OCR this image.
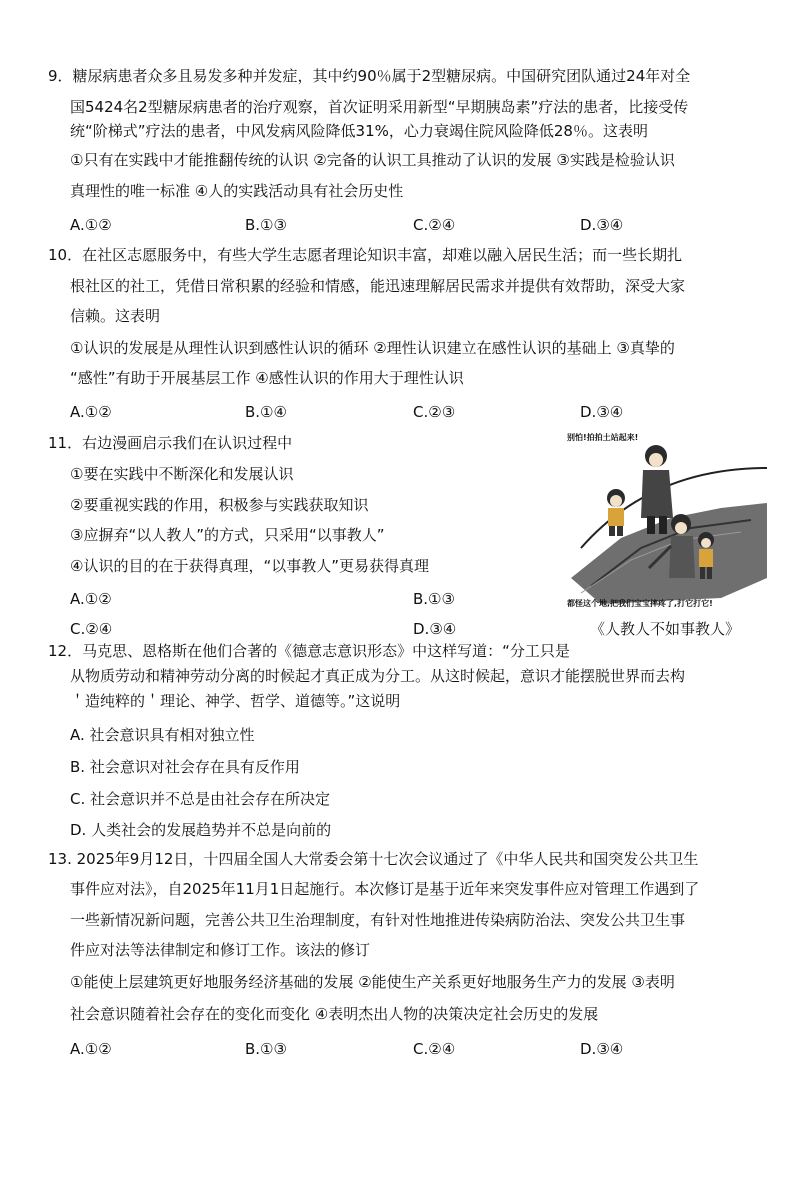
9．糖尿病患者众多且易发多种并发症，其中约90％属于2型糖尿病。中国研究团队通过24年对全
国5424名2型糖尿病患者的治疗观察，首次证明采用新型“早期胰岛素”疗法的患者，比接受传
统“阶梯式”疗法的患者，中风发病风险降低31%，心力衰竭住院风险降低28％。这表明
①只有在实践中才能推翻传统的认识 ②完备的认识工具推动了认识的发展 ③实践是检验认识
真理性的唯一标准 ④人的实践活动具有社会历史性
A.①②	B.①③	C.②④	D.③④
10．在社区志愿服务中，有些大学生志愿者理论知识丰富，却难以融入居民生活；而一些长期扎
根社区的社工，凭借日常积累的经验和情感，能迅速理解居民需求并提供有效帮助，深受大家
信赖。这表明
①认识的发展是从理性认识到感性认识的循环 ②理性认识建立在感性认识的基础上 ③真挚的
“感性”有助于开展基层工作 ④感性认识的作用大于理性认识
A.①②	B.①④	C.②③	D.③④
11．右边漫画启示我们在认识过程中
①要在实践中不断深化和发展认识
②要重视实践的作用，积极参与实践获取知识
③应摒弃“以人教人”的方式，只采用“以事教人”
④认识的目的在于获得真理，“以事教人”更易获得真理
A.①②	B.①③
C.②④	D.③④
别怕!拍拍土站起来!
都怪这个地,把我们宝宝摔疼了,打它打它!
《人教人不如事教人》
12．马克思、恩格斯在他们合著的《德意志意识形态》中这样写道：“分工只是
从物质劳动和精神劳动分离的时候起才真正成为分工。从这时候起，意识才能摆脱世界而去构
＇造纯粹的＇理论、神学、哲学、道德等。”这说明
A. 社会意识具有相对独立性
B. 社会意识对社会存在具有反作用
C. 社会意识并不总是由社会存在所决定
D. 人类社会的发展趋势并不总是向前的
13. 2025年9月12日，十四届全国人大常委会第十七次会议通过了《中华人民共和国突发公共卫生
事件应对法》，自2025年11月1日起施行。本次修订是基于近年来突发事件应对管理工作遇到了
一些新情况新问题，完善公共卫生治理制度，有针对性地推进传染病防治法、突发公共卫生事
件应对法等法律制定和修订工作。该法的修订
①能使上层建筑更好地服务经济基础的发展 ②能使生产关系更好地服务生产力的发展 ③表明
社会意识随着社会存在的变化而变化 ④表明杰出人物的决策决定社会历史的发展
A.①②	B.①③	C.②④	D.③④
